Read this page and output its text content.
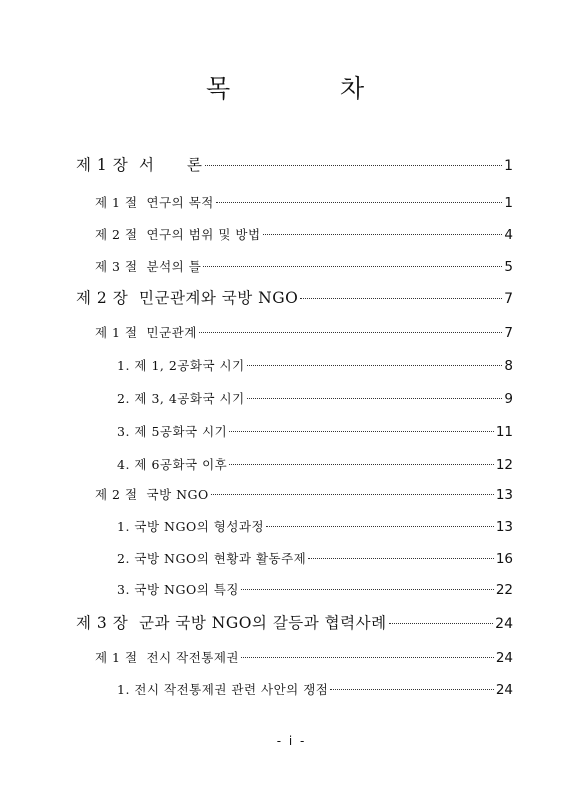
목	차
제 1 장  서      론	1
제 1 절  연구의 목적	1
제 2 절  연구의 범위 및 방법	4
제 3 절  분석의 틀	5
제 2 장  민군관계와 국방 NGO	7
제 1 절  민군관계	7
1. 제 1, 2공화국 시기	8
2. 제 3, 4공화국 시기	9
3. 제 5공화국 시기	11
4. 제 6공화국 이후	12
제 2 절  국방 NGO	13
1. 국방 NGO의 형성과정	13
2. 국방 NGO의 현황과 활동주제	16
3. 국방 NGO의 특징	22
제 3 장  군과 국방 NGO의 갈등과 협력사례	24
제 1 절  전시 작전통제권	24
1. 전시 작전통제권 관련 사안의 쟁점	24
- i -
